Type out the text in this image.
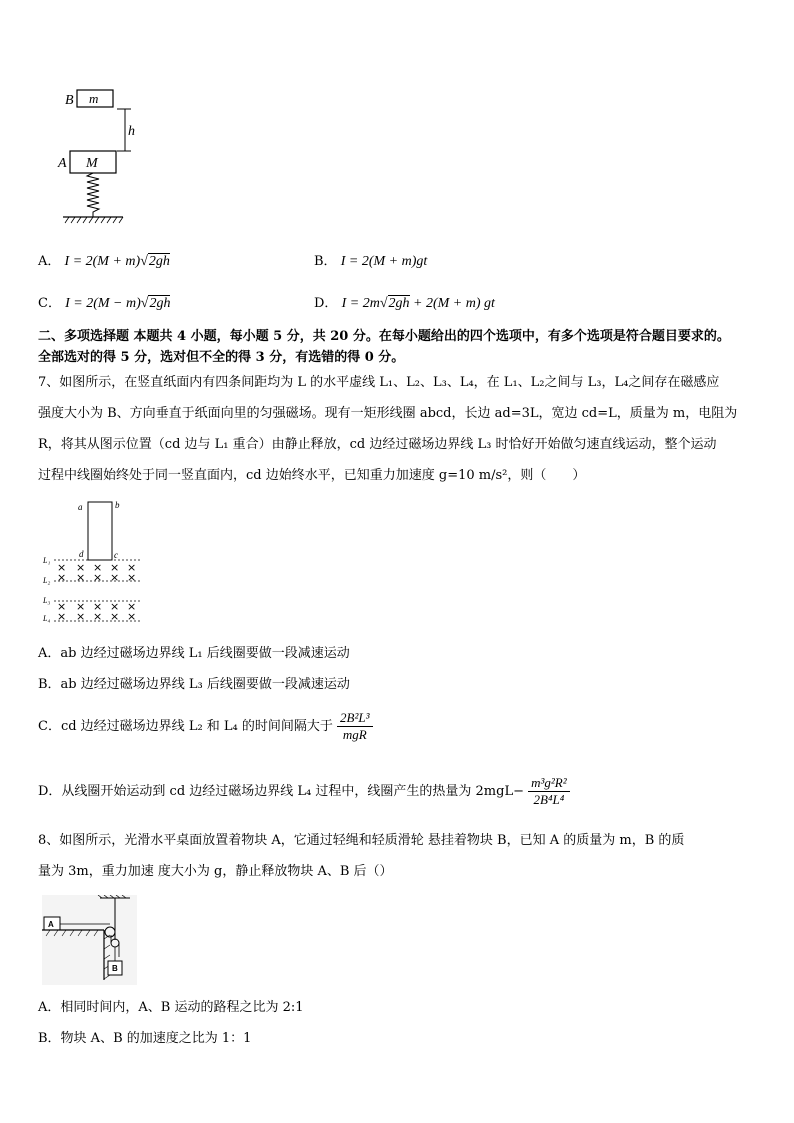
B m
h
A M
A． I = 2(M + m)√2gh	B． I = 2(M + m)gt
C． I = 2(M − m)√2gh	D． I = 2m√2gh + 2(M + m) gt
二、多项选择题 本题共 4 小题，每小题 5 分，共 20 分。在每小题给出的四个选项中，有多个选项是符合题目要求的。
全部选对的得 5 分，选对但不全的得 3 分，有选错的得 0 分。
7、如图所示，在竖直纸面内有四条间距均为 L 的水平虚线 L₁、L₂、L₃、L₄，在 L₁、L₂之间与 L₃，L₄之间存在磁感应
强度大小为 B、方向垂直于纸面向里的匀强磁场。现有一矩形线圈 abcd，长边 ad=3L，宽边 cd=L，质量为 m，电阻为
R，将其从图示位置（cd 边与 L₁ 重合）由静止释放，cd 边经过磁场边界线 L₃ 时恰好开始做匀速直线运动，整个运动
过程中线圈始终处于同一竖直面内，cd 边始终水平，已知重力加速度 g=10 m/s²，则（　　）
a	b
d	c
L₁
L₂
L₃
L₄
× × × × ×
× × × × ×
× × × × ×
× × × × ×
A．ab 边经过磁场边界线 L₁ 后线圈要做一段减速运动
B．ab 边经过磁场边界线 L₃ 后线圈要做一段减速运动
C．cd 边经过磁场边界线 L₂ 和 L₄ 的时间间隔大于 $\frac{\text{2B²L³}}{\text{mgR}}$
D．从线圈开始运动到 cd 边经过磁场边界线 L₄ 过程中，线圈产生的热量为 $2mgL- \frac{\text{m³g²R²}}{\text{2B⁴L⁴}}$
8、如图所示，光滑水平桌面放置着物块 A，它通过轻绳和轻质滑轮 悬挂着物块 B，已知 A 的质量为 m，B 的质
量为 3m，重力加速 度大小为 g，静止释放物块 A、B 后（）
A
B
A．相同时间内，A、B 运动的路程之比为 2:1
B．物块 A、B 的加速度之比为 1：1
